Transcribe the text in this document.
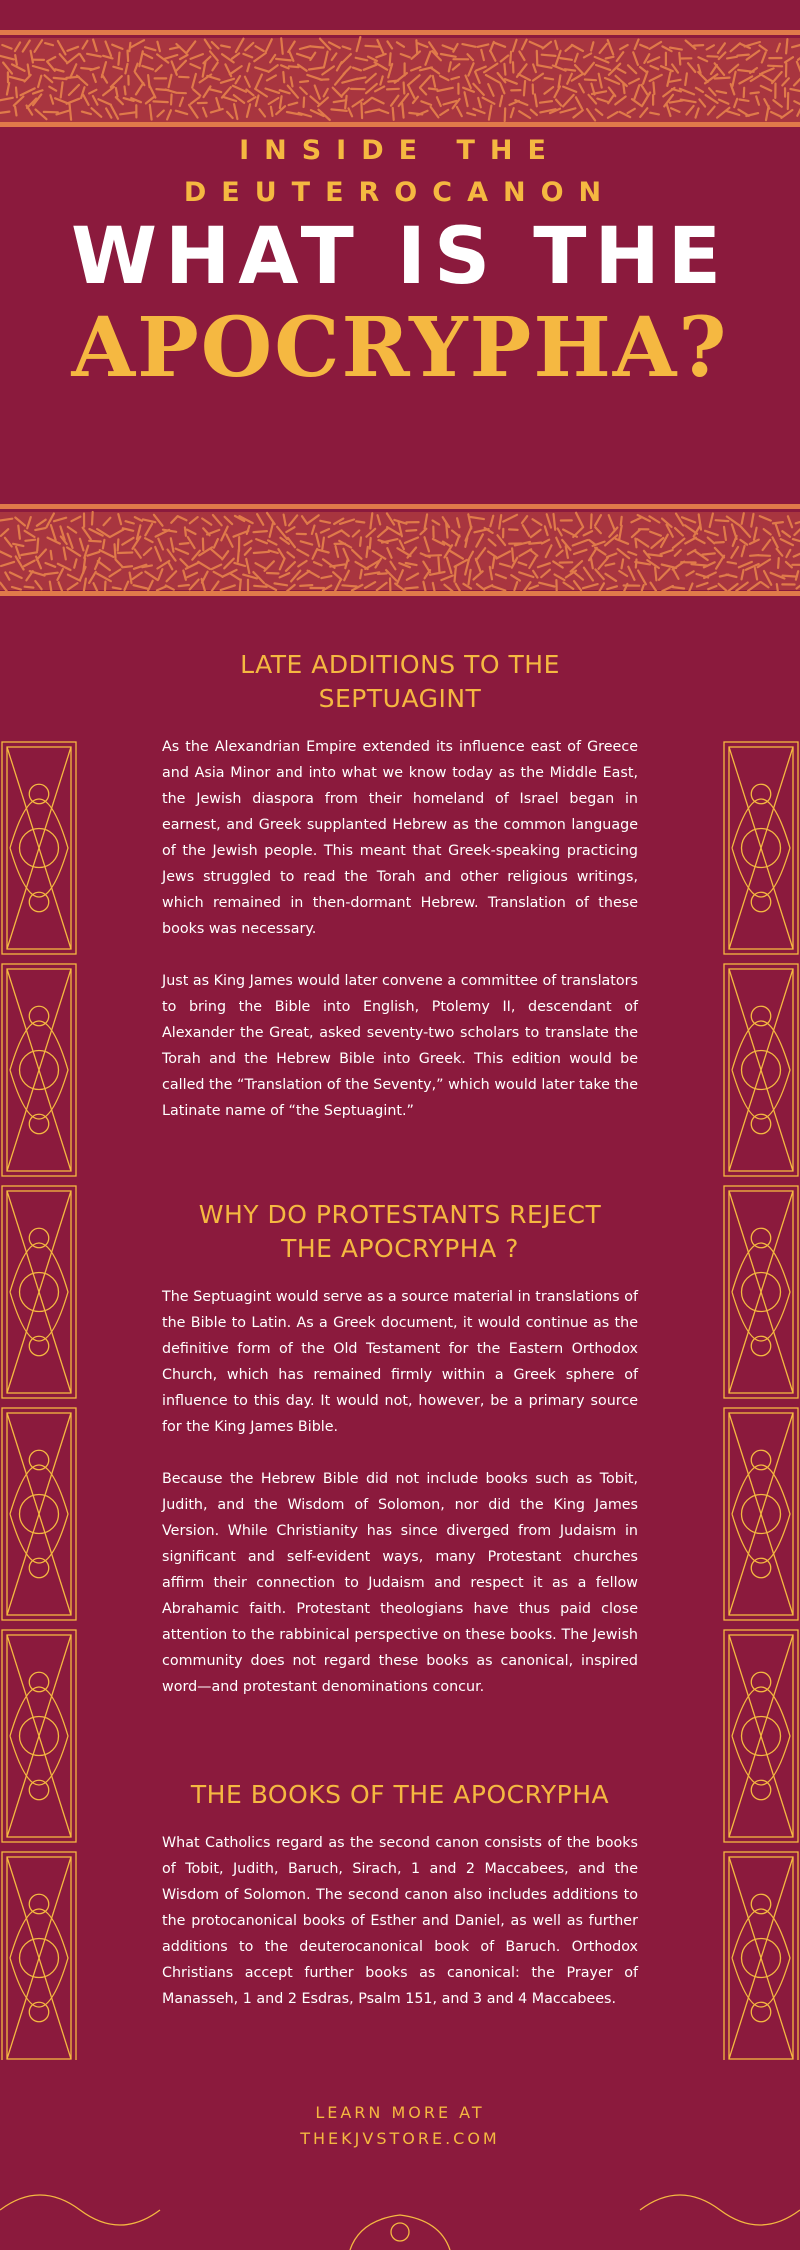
INSIDE THE
DEUTEROCANON
WHAT IS THE
APOCRYPHA?
LATE ADDITIONS TO THE
SEPTUAGINT

As the Alexandrian Empire extended its influence east of Greece and Asia Minor and into what we know today as the Middle East, the Jewish diaspora from their homeland of Israel began in earnest, and Greek supplanted Hebrew as the common language of the Jewish people. This meant that Greek-speaking practicing Jews struggled to read the Torah and other religious writings, which remained in then-dormant Hebrew. Translation of these books was necessary.

Just as King James would later convene a committee of translators to bring the Bible into English, Ptolemy II, descendant of Alexander the Great, asked seventy-two scholars to translate the Torah and the Hebrew Bible into Greek. This edition would be called the “Translation of the Seventy,” which would later take the Latinate name of “the Septuagint.”

WHY DO PROTESTANTS REJECT
THE APOCRYPHA ?

The Septuagint would serve as a source material in translations of the Bible to Latin. As a Greek document, it would continue as the definitive form of the Old Testament for the Eastern Orthodox Church, which has remained firmly within a Greek sphere of influence to this day. It would not, however, be a primary source for the King James Bible.

Because the Hebrew Bible did not include books such as Tobit, Judith, and the Wisdom of Solomon, nor did the King James Version. While Christianity has since diverged from Judaism in significant and self-evident ways, many Protestant churches affirm their connection to Judaism and respect it as a fellow Abrahamic faith. Protestant theologians have thus paid close attention to the rabbinical perspective on these books. The Jewish community does not regard these books as canonical, inspired word—and protestant denominations concur.

THE BOOKS OF THE APOCRYPHA

What Catholics regard as the second canon consists of the books of Tobit, Judith, Baruch, Sirach, 1 and 2 Maccabees, and the Wisdom of Solomon. The second canon also includes additions to the protocanonical books of Esther and Daniel, as well as further additions to the deuterocanonical book of Baruch. Orthodox Christians accept further books as canonical: the Prayer of Manasseh, 1 and 2 Esdras, Psalm 151, and 3 and 4 Maccabees.

LEARN MORE AT
THEKJVSTORE.COM
